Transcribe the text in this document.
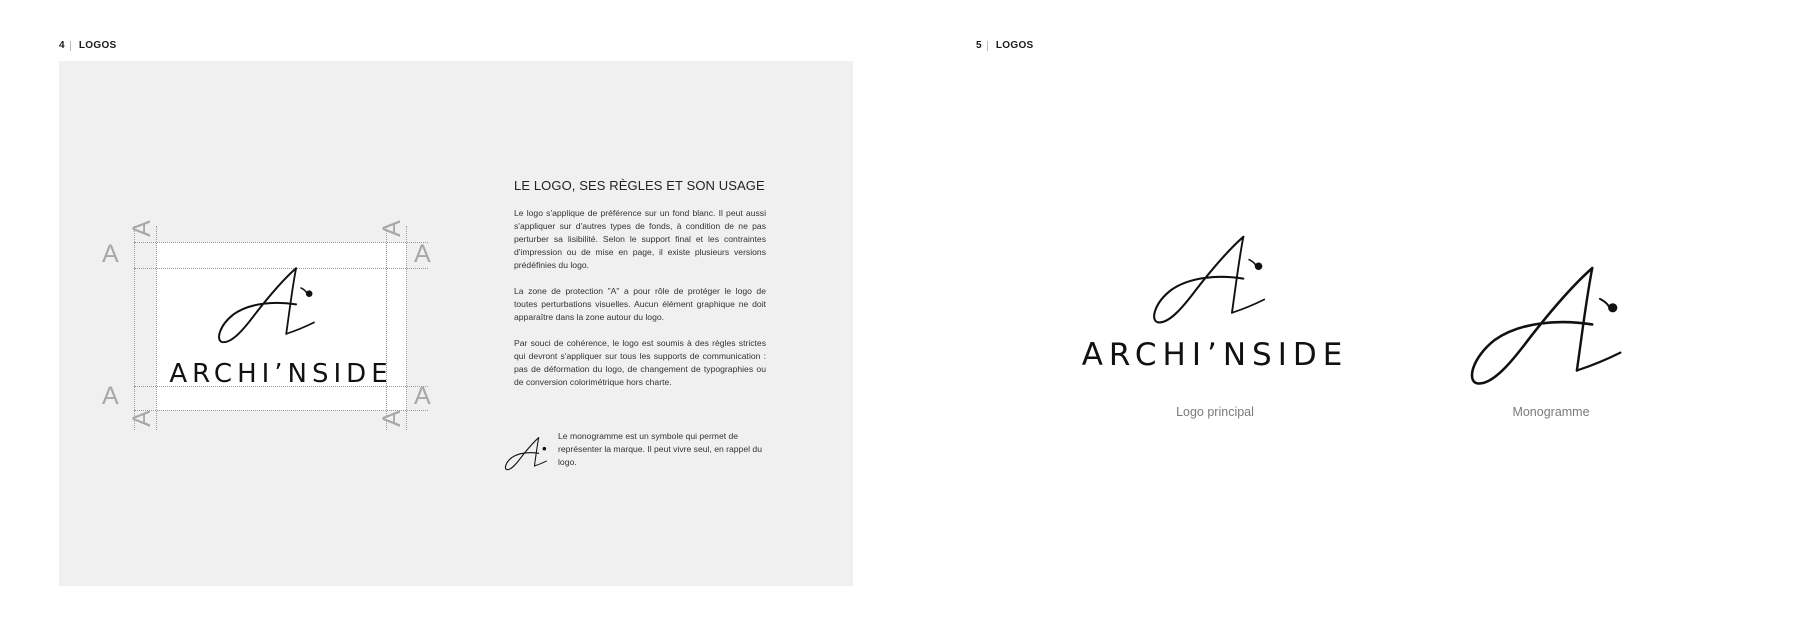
4 LOGOS	5 LOGOS
A
A	A
A
A
A	A
A
ARCHI’NSIDE
LE LOGO, SES RÈGLES ET SON USAGE

Le logo s'applique de préférence sur un fond blanc. Il peut aussi s'appliquer sur d'autres types de fonds, à condition de ne pas perturber sa lisibilité. Selon le support final et les contraintes d'impression ou de mise en page, il existe plusieurs versions prédéfinies du logo.

La zone de protection "A" a pour rôle de protéger le logo de toutes perturbations visuelles. Aucun élément graphique ne doit apparaître dans la zone autour du logo.

Par souci de cohérence, le logo est soumis à des règles strictes qui devront s'appliquer sur tous les supports de communication : pas de déformation du logo, de changement de typographies ou de conversion colorimétrique hors charte.

Le monogramme est un symbole qui permet de représenter la marque. Il peut vivre seul, en rappel du logo.

ARCHI’NSIDE
Logo principal	Monogramme
